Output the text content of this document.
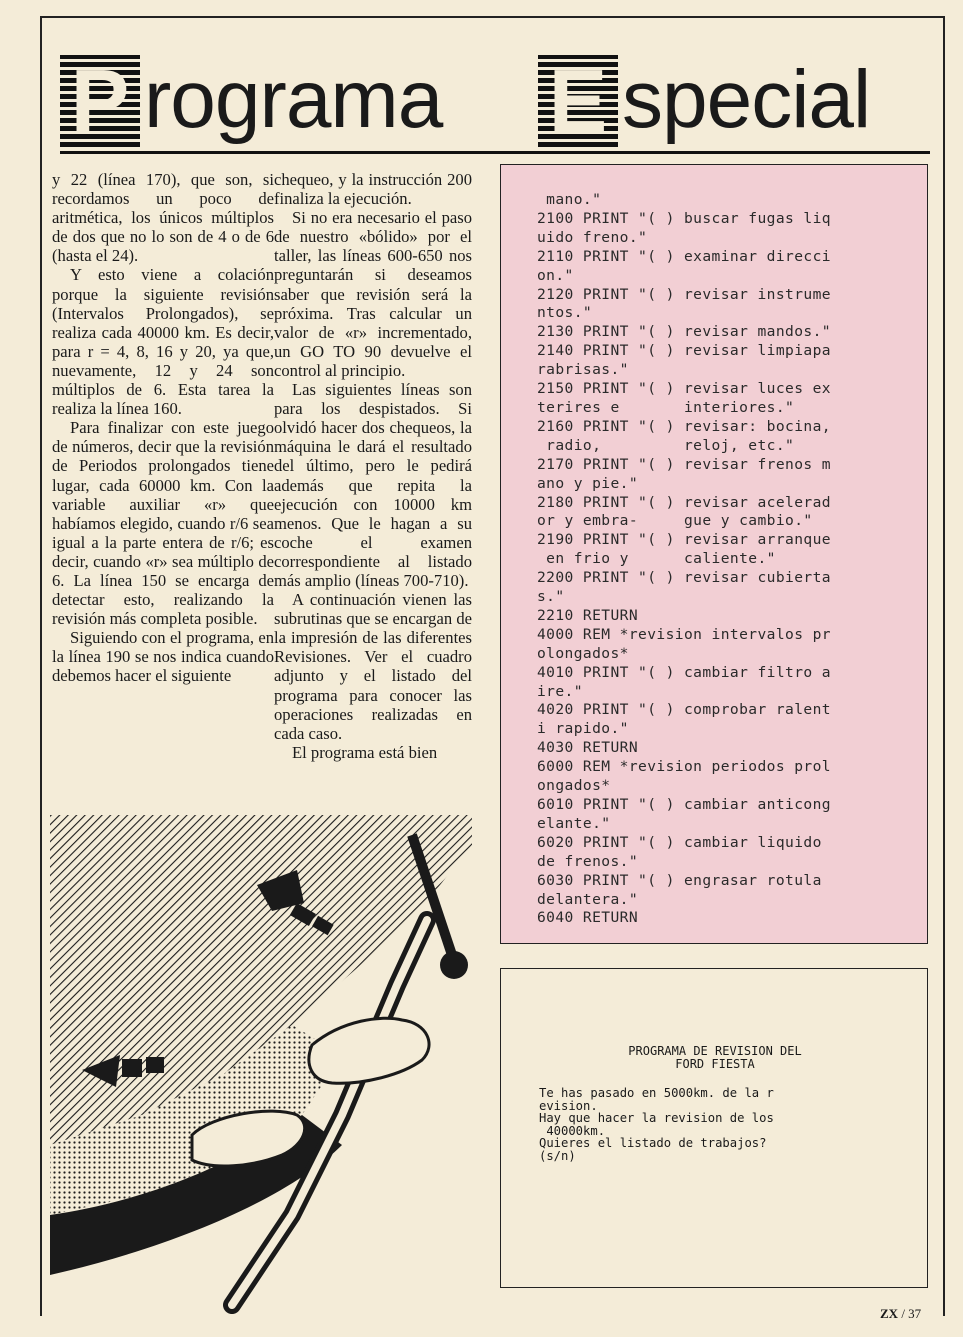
P rograma E special

y 22 (línea 170), que son, si recordamos un poco de aritmética, los únicos múltiplos de dos que no lo son de 4 o de 6 (hasta el 24).

Y esto viene a colación porque la siguiente revisión (Intervalos Prolongados), se realiza cada 40000 km. Es decir, para r = 4, 8, 16 y 20, ya que, nuevamente, 12 y 24 son múltiplos de 6. Esta tarea la realiza la línea 160.

Para finalizar con este juego de números, decir que la revisión de Periodos prolongados tiene lugar, cada 60000 km. Con la variable auxiliar «r» que habíamos elegido, cuando r/6 sea igual a la parte entera de r/6; es decir, cuando «r» sea múltiplo de 6. La línea 150 se encarga de detectar esto, realizando la revisión más completa posible.

Siguiendo con el programa, en la línea 190 se nos indica cuando debemos hacer el siguiente

chequeo, y la instrucción 200 finaliza la ejecución.

Si no era necesario el paso de nuestro «bólido» por el taller, las líneas 600-650 nos preguntarán si deseamos saber que revisión será la próxima. Tras calcular un valor de «r» incrementado, un GO TO 90 devuelve el control al principio.

Las siguientes líneas son para los despistados. Si olvidó hacer dos chequeos, la máquina le dará el resultado del último, pero le pedirá además que repita la ejecución con 10000 km menos. Que le hagan a su coche el examen correspondiente al listado más amplio (líneas 700-710).

A continuación vienen las subrutinas que se encargan de la impresión de las diferentes Revisiones. Ver el cuadro adjunto y el listado del programa para conocer las operaciones realizadas en cada caso.

El programa está bien

mano."
2100 PRINT "( ) buscar fugas liq
uido freno."
2110 PRINT "( ) examinar direcci
on."
2120 PRINT "( ) revisar instrume
ntos."
2130 PRINT "( ) revisar mandos."
2140 PRINT "( ) revisar limpiapa
rabrisas."
2150 PRINT "( ) revisar luces ex
terires e       interiores."
2160 PRINT "( ) revisar: bocina,
radio,         reloj, etc."
2170 PRINT "( ) revisar frenos m
ano y pie."
2180 PRINT "( ) revisar acelerad
or y embra-     gue y cambio."
2190 PRINT "( ) revisar arranque
en frio y      caliente."
2200 PRINT "( ) revisar cubierta
s."
2210 RETURN
4000 REM *revision intervalos pr
olongados*
4010 PRINT "( ) cambiar filtro a
ire."
4020 PRINT "( ) comprobar ralent
i rapido."
4030 RETURN
6000 REM *revision periodos prol
ongados*
6010 PRINT "( ) cambiar anticong
elante."
6020 PRINT "( ) cambiar liquido
de frenos."
6030 PRINT "( ) engrasar rotula
delantera."
6040 RETURN
PROGRAMA DE REVISION DEL
FORD FIESTA
Te has pasado en 5000km. de la r
evision.
Hay que hacer la revision de los
40000km.
Quieres el listado de trabajos?
(s/n)
ZX / 37
